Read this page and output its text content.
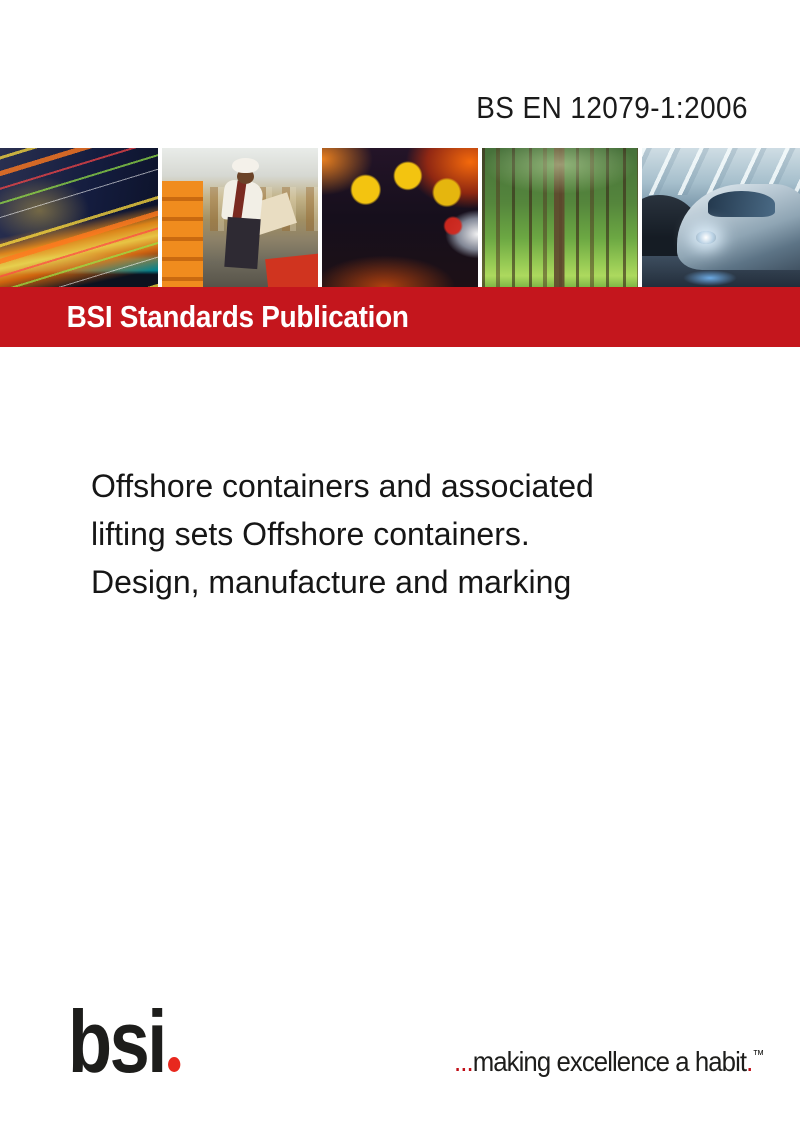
BS EN 12079-1:2006
BSI Standards Publication
Offshore containers and associated
lifting sets Offshore containers.
Design, manufacture and marking
bsi	...making excellence a habit.™
